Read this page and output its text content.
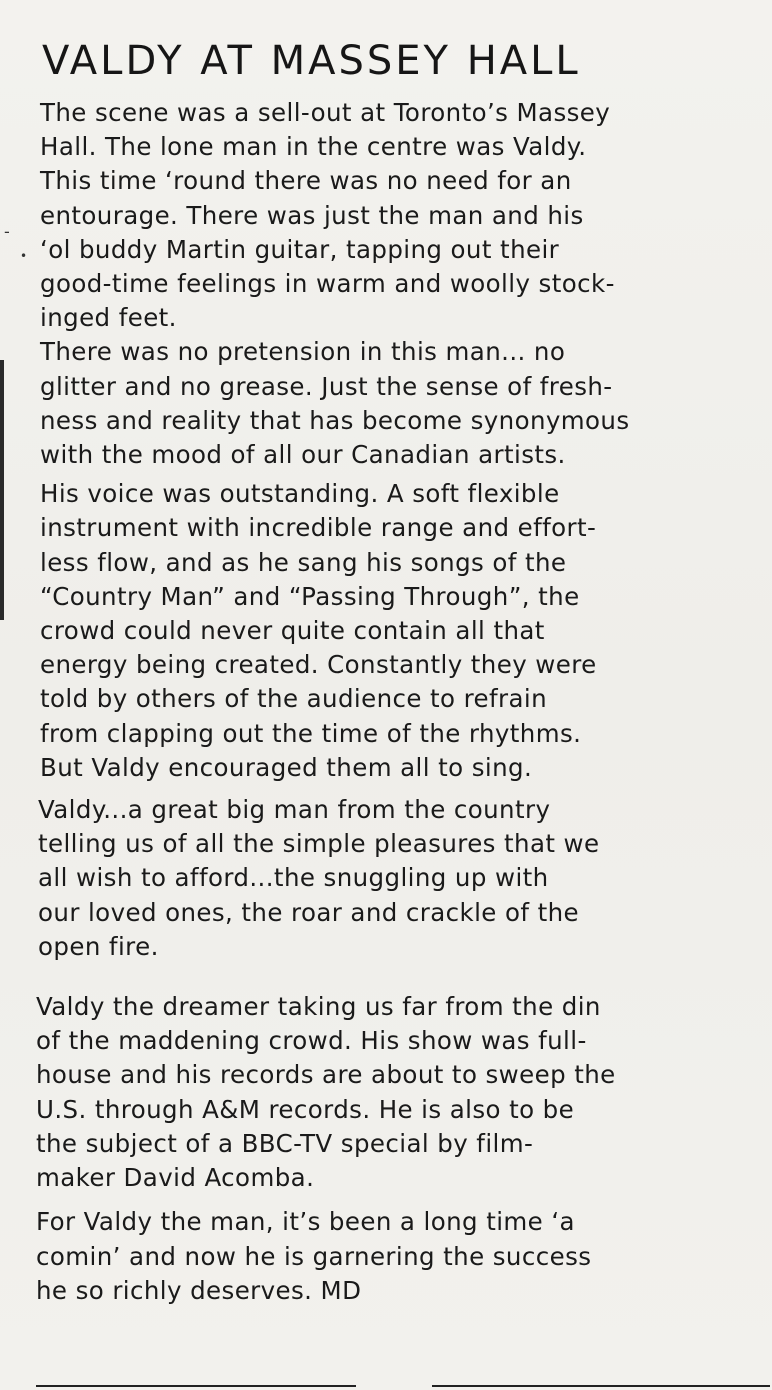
-
•
VALDY AT MASSEY HALL

The scene was a sell-out at Toronto’s Massey
Hall. The lone man in the centre was Valdy.
This time ‘round there was no need for an
entourage. There was just the man and his
‘ol buddy Martin guitar, tapping out their
good-time feelings in warm and woolly stock-
inged feet.

There was no pretension in this man... no
glitter and no grease. Just the sense of fresh-
ness and reality that has become synonymous
with the mood of all our Canadian artists.

His voice was outstanding. A soft flexible
instrument with incredible range and effort-
less flow, and as he sang his songs of the
“Country Man” and “Passing Through”, the
crowd could never quite contain all that
energy being created. Constantly they were
told by others of the audience to refrain
from clapping out the time of the rhythms.
But Valdy encouraged them all to sing.

Valdy...a great big man from the country
telling us of all the simple pleasures that we
all wish to afford...the snuggling up with
our loved ones, the roar and crackle of the
open fire.

Valdy the dreamer taking us far from the din
of the maddening crowd. His show was full-
house and his records are about to sweep the
U.S. through A&M records. He is also to be
the subject of a BBC-TV special by film-
maker David Acomba.

For Valdy the man, it’s been a long time ‘a
comin’ and now he is garnering the success
he so richly deserves. MD
